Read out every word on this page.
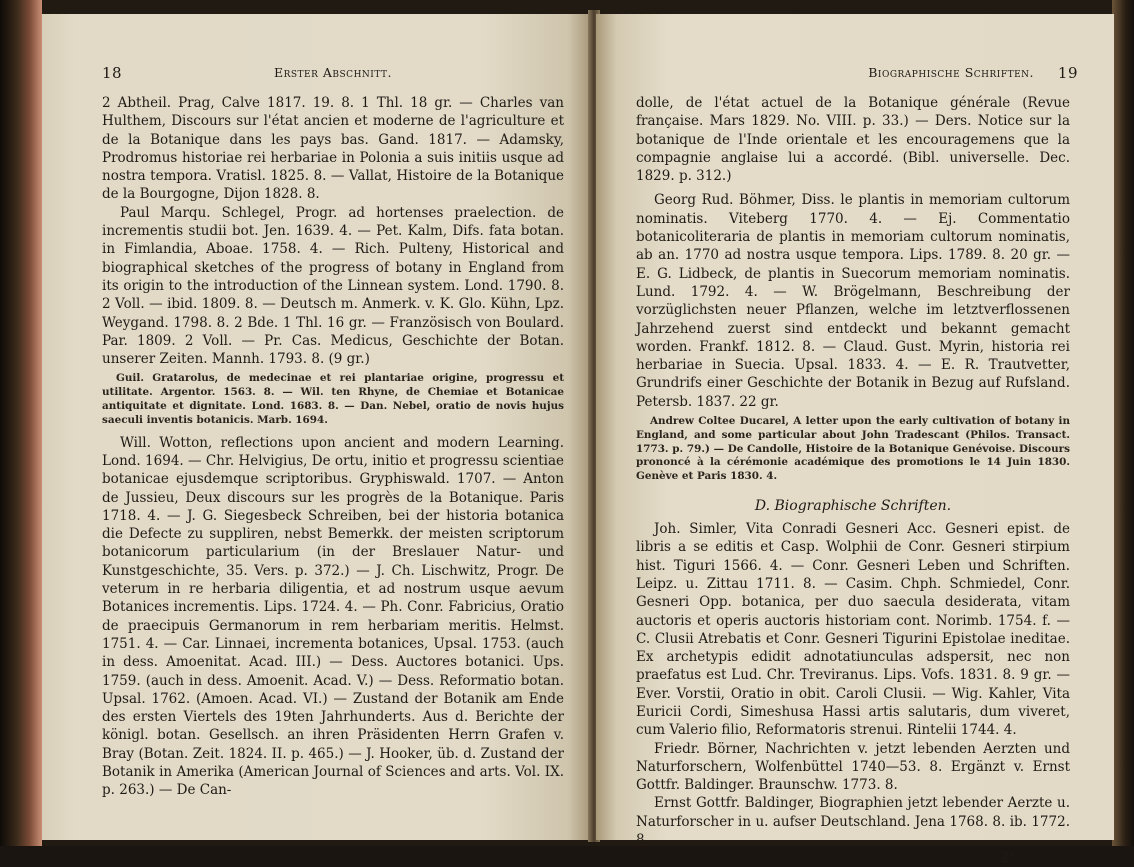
18	Erster Abschnitt.

2 Abtheil. Prag, Calve 1817. 19. 8. 1 Thl. 18 gr. — Charles van Hulthem, Discours sur l'état ancien et moderne de l'agriculture et de la Botanique dans les pays bas. Gand. 1817. — Adamsky, Prodromus historiae rei herbariae in Polonia a suis initiis usque ad nostra tempora. Vratisl. 1825. 8. — Vallat, Histoire de la Botanique de la Bourgogne, Dijon 1828. 8.

Paul Marqu. Schlegel, Progr. ad hortenses praelection. de incrementis studii bot. Jen. 1639. 4. — Pet. Kalm, Difs. fata botan. in Fimlandia, Aboae. 1758. 4. — Rich. Pulteny, Historical and biographical sketches of the progress of botany in England from its origin to the introduction of the Linnean system. Lond. 1790. 8. 2 Voll. — ibid. 1809. 8. — Deutsch m. Anmerk. v. K. Glo. Kühn, Lpz. Weygand. 1798. 8. 2 Bde. 1 Thl. 16 gr. — Französisch von Boulard. Par. 1809. 2 Voll. — Pr. Cas. Medicus, Geschichte der Botan. unserer Zeiten. Mannh. 1793. 8. (9 gr.)

Guil. Gratarolus, de medecinae et rei plantariae origine, progressu et utilitate. Argentor. 1563. 8. — Wil. ten Rhyne, de Chemiae et Botanicae antiquitate et dignitate. Lond. 1683. 8. — Dan. Nebel, oratio de novis hujus saeculi inventis botanicis. Marb. 1694.

Will. Wotton, reflections upon ancient and modern Learning. Lond. 1694. — Chr. Helvigius, De ortu, initio et progressu scientiae botanicae ejusdemque scriptoribus. Gryphiswald. 1707. — Anton de Jussieu, Deux discours sur les progrès de la Botanique. Paris 1718. 4. — J. G. Siegesbeck Schreiben, bei der historia botanica die Defecte zu suppliren, nebst Bemerkk. der meisten scriptorum botanicorum particularium (in der Breslauer Natur- und Kunstgeschichte, 35. Vers. p. 372.) — J. Ch. Lischwitz, Progr. De veterum in re herbaria diligentia, et ad nostrum usque aevum Botanices incrementis. Lips. 1724. 4. — Ph. Conr. Fabricius, Oratio de praecipuis Germanorum in rem herbariam meritis. Helmst. 1751. 4. — Car. Linnaei, incrementa botanices, Upsal. 1753. (auch in dess. Amoenitat. Acad. III.) — Dess. Auctores botanici. Ups. 1759. (auch in dess. Amoenit. Acad. V.) — Dess. Reformatio botan. Upsal. 1762. (Amoen. Acad. VI.) — Zustand der Botanik am Ende des ersten Viertels des 19ten Jahrhunderts. Aus d. Berichte der königl. botan. Gesellsch. an ihren Präsidenten Herrn Grafen v. Bray (Botan. Zeit. 1824. II. p. 465.) — J. Hooker, üb. d. Zustand der Botanik in Amerika (American Journal of Sciences and arts. Vol. IX. p. 263.) — De Can-

Biographische Schriften.	19

dolle, de l'état actuel de la Botanique générale (Revue française. Mars 1829. No. VIII. p. 33.) — Ders. Notice sur la botanique de l'Inde orientale et les encouragemens que la compagnie anglaise lui a accordé. (Bibl. universelle. Dec. 1829. p. 312.)

Georg Rud. Böhmer, Diss. le plantis in memoriam cultorum nominatis. Viteberg 1770. 4. — Ej. Commentatio botanicoliteraria de plantis in memoriam cultorum nominatis, ab an. 1770 ad nostra usque tempora. Lips. 1789. 8. 20 gr. — E. G. Lidbeck, de plantis in Suecorum memoriam nominatis. Lund. 1792. 4. — W. Brögelmann, Beschreibung der vorzüglichsten neuer Pflanzen, welche im letztverflossenen Jahrzehend zuerst sind entdeckt und bekannt gemacht worden. Frankf. 1812. 8. — Claud. Gust. Myrin, historia rei herbariae in Suecia. Upsal. 1833. 4. — E. R. Trautvetter, Grundrifs einer Geschichte der Botanik in Bezug auf Rufsland. Petersb. 1837. 22 gr.

Andrew Coltee Ducarel, A letter upon the early cultivation of botany in England, and some particular about John Tradescant (Philos. Transact. 1773. p. 79.) — De Candolle, Histoire de la Botanique Genévoise. Discours prononcé à la cérémonie académique des promotions le 14 Juin 1830. Genève et Paris 1830. 4.

D. Biographische Schriften.

Joh. Simler, Vita Conradi Gesneri Acc. Gesneri epist. de libris a se editis et Casp. Wolphii de Conr. Gesneri stirpium hist. Tiguri 1566. 4. — Conr. Gesneri Leben und Schriften. Leipz. u. Zittau 1711. 8. — Casim. Chph. Schmiedel, Conr. Gesneri Opp. botanica, per duo saecula desiderata, vitam auctoris et operis auctoris historiam cont. Norimb. 1754. f. — C. Clusii Atrebatis et Conr. Gesneri Tigurini Epistolae ineditae. Ex archetypis edidit adnotatiunculas adspersit, nec non praefatus est Lud. Chr. Treviranus. Lips. Vofs. 1831. 8. 9 gr. — Ever. Vorstii, Oratio in obit. Caroli Clusii. — Wig. Kahler, Vita Euricii Cordi, Simeshusa Hassi artis salutaris, dum viveret, cum Valerio filio, Reformatoris strenui. Rintelii 1744. 4.

Friedr. Börner, Nachrichten v. jetzt lebenden Aerzten und Naturforschern, Wolfenbüttel 1740—53. 8. Ergänzt v. Ernst Gottfr. Baldinger. Braunschw. 1773. 8.

Ernst Gottfr. Baldinger, Biographien jetzt lebender Aerzte u. Naturforscher in u. aufser Deutschland. Jena 1768. 8. ib. 1772. 8.

2*
